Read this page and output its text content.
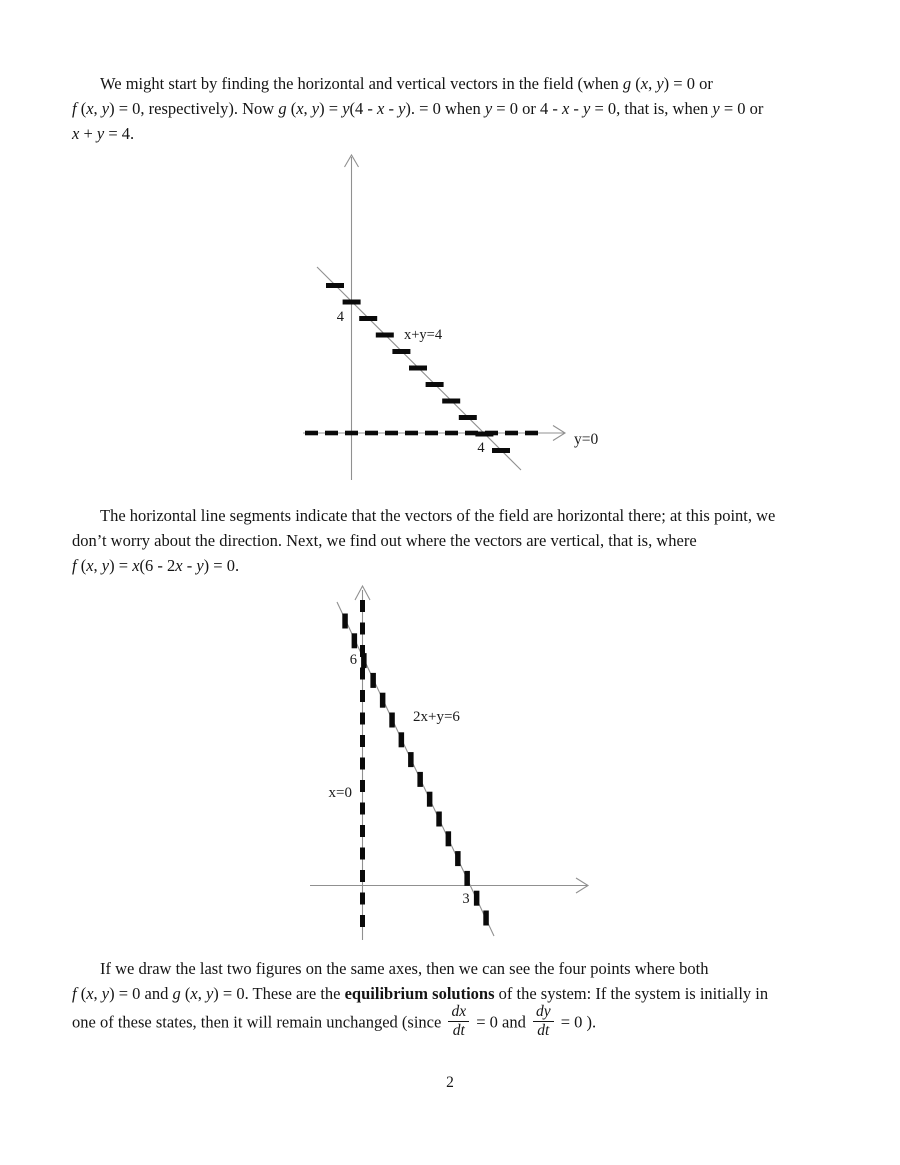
We might start by finding the horizontal and vertical vectors in the field (when g (x, y) = 0 or
f (x, y) = 0, respectively). Now g (x, y) = y(4 - x - y). = 0 when y = 0 or 4 - x - y = 0, that is, when y = 0 or
x + y = 4.
4
x+y=4
4	y=0
The horizontal line segments indicate that the vectors of the field are horizontal there; at this point, we
don’t worry about the direction. Next, we find out where the vectors are vertical, that is, where
f (x, y) = x(6 - 2x - y) = 0.
6
2x+y=6
x=0
3
If we draw the last two figures on the same axes, then we can see the four points where both
f (x, y) = 0 and g (x, y) = 0. These are the equilibrium solutions of the system: If the system is initially in
one of these states, then it will remain unchanged (since $\frac{dx}{dt} = 0$ and $\frac{dy}{dt} = 0$ ).
2
